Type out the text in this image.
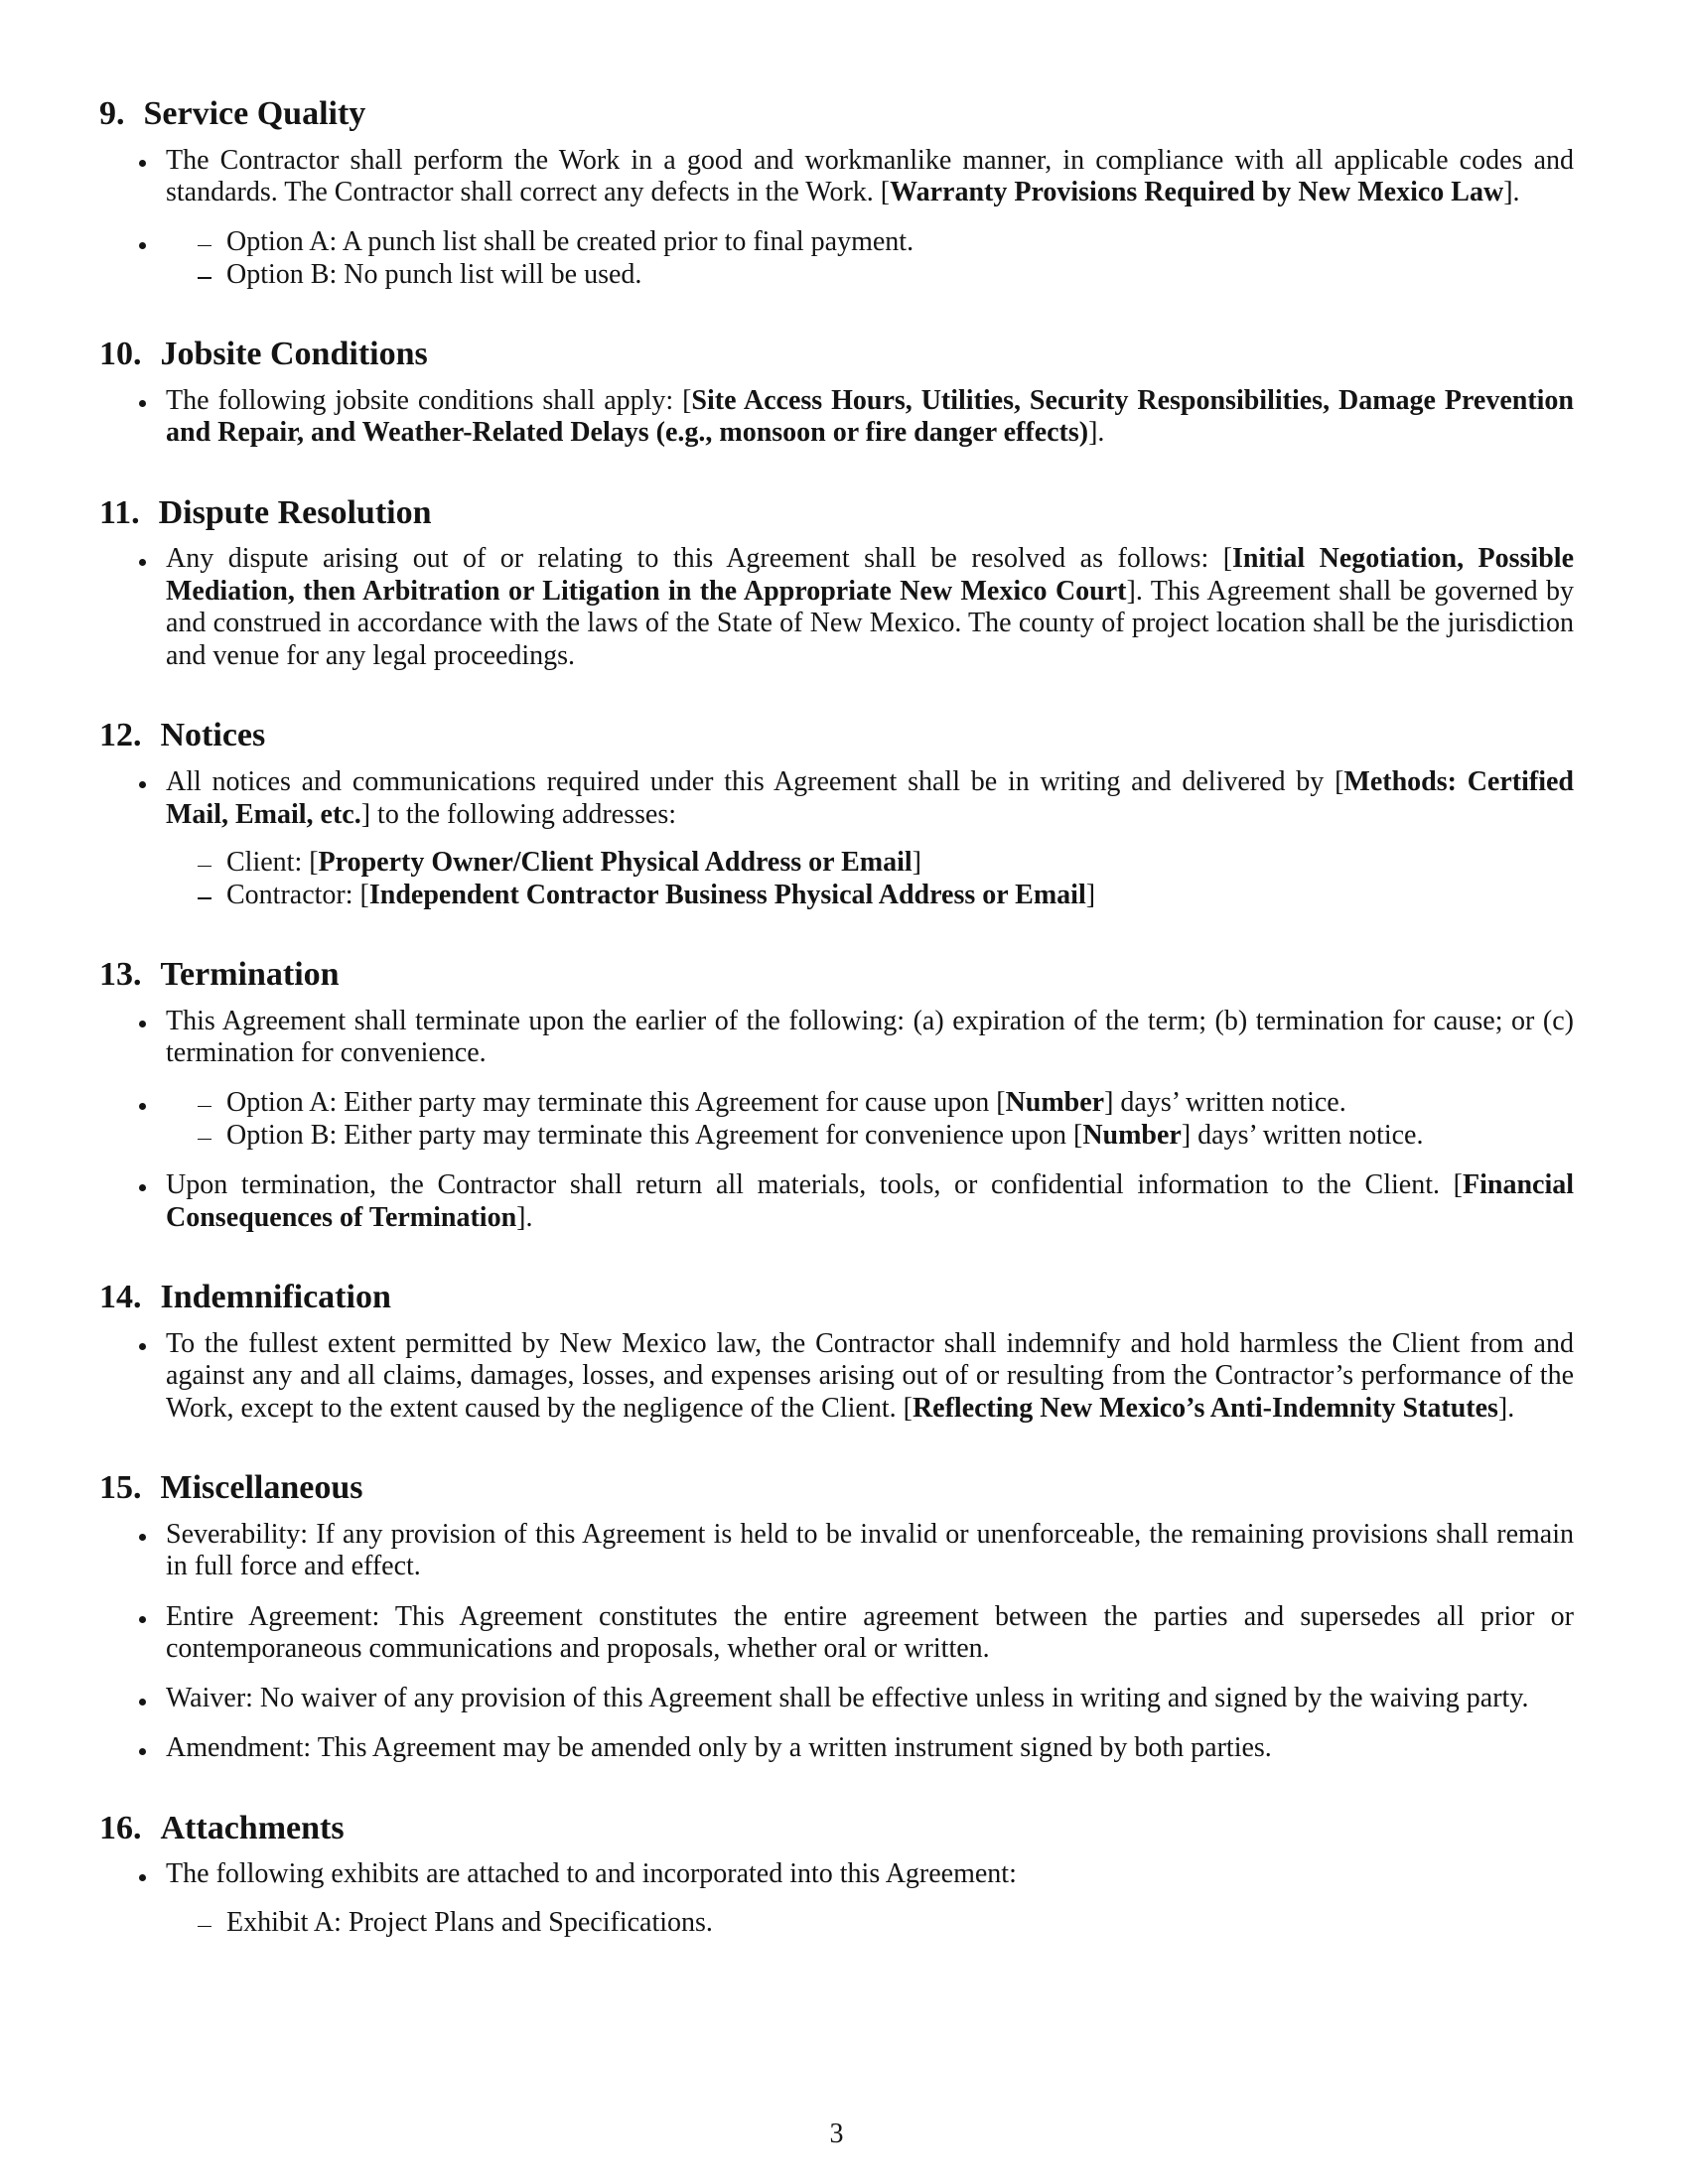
9. Service Quality

The Contractor shall perform the Work in a good and workmanlike manner, in compliance with all applicable codes and standards. The Contractor shall correct any defects in the Work. [Warranty Provisions Required by New Mexico Law].

Option A: A punch list shall be created prior to final payment.
Option B: No punch list will be used.
10. Jobsite Conditions

The following jobsite conditions shall apply: [Site Access Hours, Utilities, Security Responsibilities, Damage Prevention and Repair, and Weather-Related Delays (e.g., monsoon or fire danger effects)].

11. Dispute Resolution

Any dispute arising out of or relating to this Agreement shall be resolved as follows: [Initial Negotiation, Possible Mediation, then Arbitration or Litigation in the Appropriate New Mexico Court]. This Agreement shall be governed by and construed in accordance with the laws of the State of New Mexico. The county of project location shall be the jurisdiction and venue for any legal proceedings.

12. Notices

All notices and communications required under this Agreement shall be in writing and delivered by [Methods: Certified Mail, Email, etc.] to the following addresses:

Client: [Property Owner/Client Physical Address or Email]
Contractor: [Independent Contractor Business Physical Address or Email]
13. Termination

This Agreement shall terminate upon the earlier of the following: (a) expiration of the term; (b) termination for cause; or (c) termination for convenience.

Option A: Either party may terminate this Agreement for cause upon [Number] days’ written notice.
Option B: Either party may terminate this Agreement for convenience upon [Number] days’ written notice.

Upon termination, the Contractor shall return all materials, tools, or confidential information to the Client. [Financial Consequences of Termination].

14. Indemnification

To the fullest extent permitted by New Mexico law, the Contractor shall indemnify and hold harmless the Client from and against any and all claims, damages, losses, and expenses arising out of or resulting from the Contractor’s performance of the Work, except to the extent caused by the negligence of the Client. [Reflecting New Mexico’s Anti-Indemnity Statutes].

15. Miscellaneous

Severability: If any provision of this Agreement is held to be invalid or unenforceable, the remaining provisions shall remain in full force and effect.

Entire Agreement: This Agreement constitutes the entire agreement between the parties and supersedes all prior or contemporaneous communications and proposals, whether oral or written.

Waiver: No waiver of any provision of this Agreement shall be effective unless in writing and signed by the waiving party.

Amendment: This Agreement may be amended only by a written instrument signed by both parties.

16. Attachments

The following exhibits are attached to and incorporated into this Agreement:

Exhibit A: Project Plans and Specifications.
3
